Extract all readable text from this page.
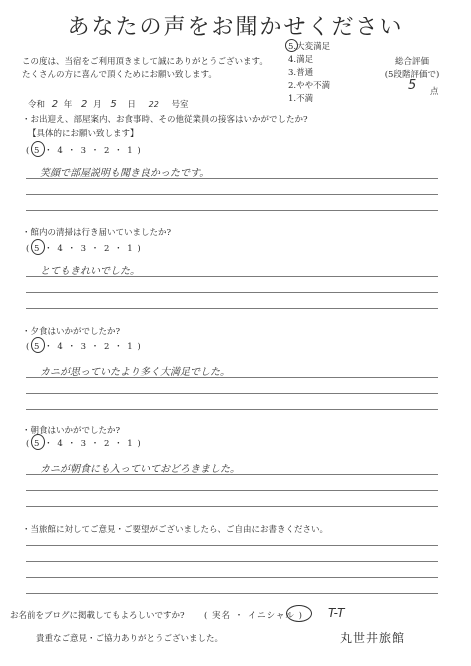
あなたの声をお聞かせください
この度は、当宿をご利用頂きまして誠にありがとうございます。
たくさんの方に喜んで頂くためにお願い致します。
5.大変満足
4.満足
3.普通
2.やや不満
1.不満
総合評価
(5段階評価で)
5 点
令和 2 年 2 月 5 日 22 号室
・お出迎え、部屋案内、お食事時、その他従業員の接客はいかがでしたか?
【具体的にお願い致します】
( 5 ・ 4 ・ 3 ・ 2 ・ 1 )
笑顔で部屋説明も聞き良かったです。
・館内の清掃は行き届いていましたか?
( 5 ・ 4 ・ 3 ・ 2 ・ 1 )
とてもきれいでした。
・夕食はいかがでしたか?
( 5 ・ 4 ・ 3 ・ 2 ・ 1 )
カニが思っていたより多く大満足でした。
・朝食はいかがでしたか?
( 5 ・ 4 ・ 3 ・ 2 ・ 1 )
カニが朝食にも入っていておどろきました。
・当旅館に対してご意見・ご要望がございましたら、ご自由にお書きください。
お名前をブログに掲載してもよろしいですか? ( 実名 ・ イニシャル ) T-T
貴重なご意見・ご協力ありがとうございました。	丸世井旅館
